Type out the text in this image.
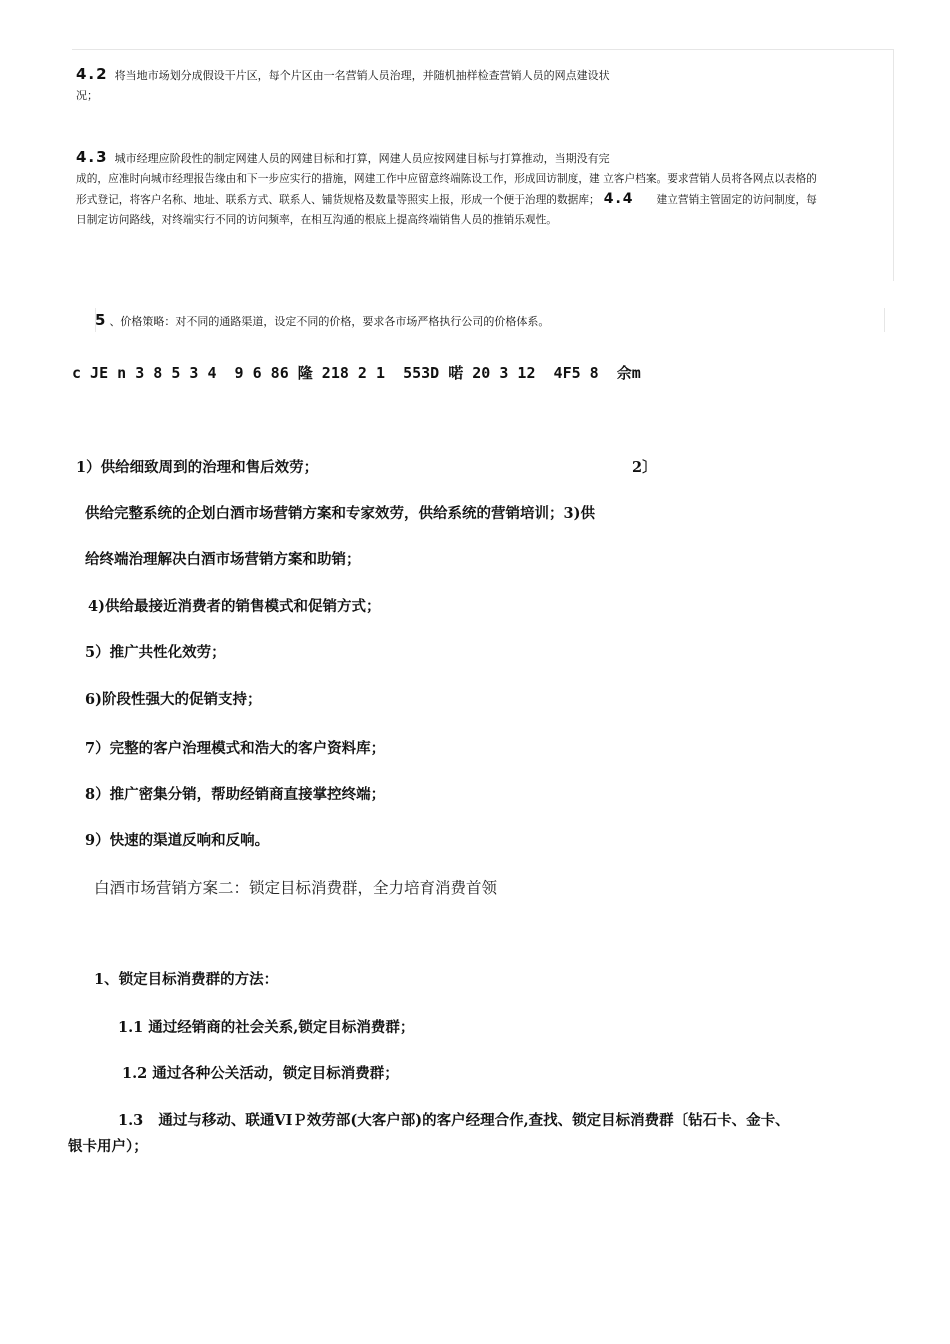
4.2 将当地市场划分成假设干片区，每个片区由一名营销人员治理，并随机抽样检查营销人员的网点建设状
况；
4.3 城市经理应阶段性的制定网建人员的网建目标和打算，网建人员应按网建目标与打算推动，当期没有完
成的，应准时向城市经理报告缘由和下一步应实行的措施，网建工作中应留意终端陈设工作，形成回访制度，建 立客户档案。要求营销人员将各网点以表格的
形式登记，将客户名称、地址、联系方式、联系人、铺货规格及数量等照实上报，形成一个便于治理的数据库； 4.4 建立营销主管固定的访问制度，每
日制定访问路线，对终端实行不同的访问频率，在相互沟通的根底上提高终端销售人员的推销乐观性。
5 、价格策略：对不同的通路渠道，设定不同的价格，要求各市场严格执行公司的价格体系。
c JE n 3 8 5 3 4  9 6 86 隆 218 2 1  553D 喏 20 3 12  4F5 8  佘m
1）供给细致周到的治理和售后效劳；	2〕
供给完整系统的企划白酒市场营销方案和专家效劳，供给系统的营销培训；3)供
给终端治理解决白酒市场营销方案和助销；
4)供给最接近消费者的销售模式和促销方式；
5）推广共性化效劳；
6)阶段性强大的促销支持；
7）完整的客户治理模式和浩大的客户资料库；
8）推广密集分销，帮助经销商直接掌控终端；
9）快速的渠道反响和反响。
白酒市场营销方案二：锁定目标消费群，全力培育消费首领
1、锁定目标消费群的方法：
1.1 通过经销商的社会关系,锁定目标消费群；
1.2 通过各种公关活动，锁定目标消费群；
1.3   通过与移动、联通VIＰ效劳部(大客户部)的客户经理合作,查找、锁定目标消费群〔钻石卡、金卡、
银卡用户）；
